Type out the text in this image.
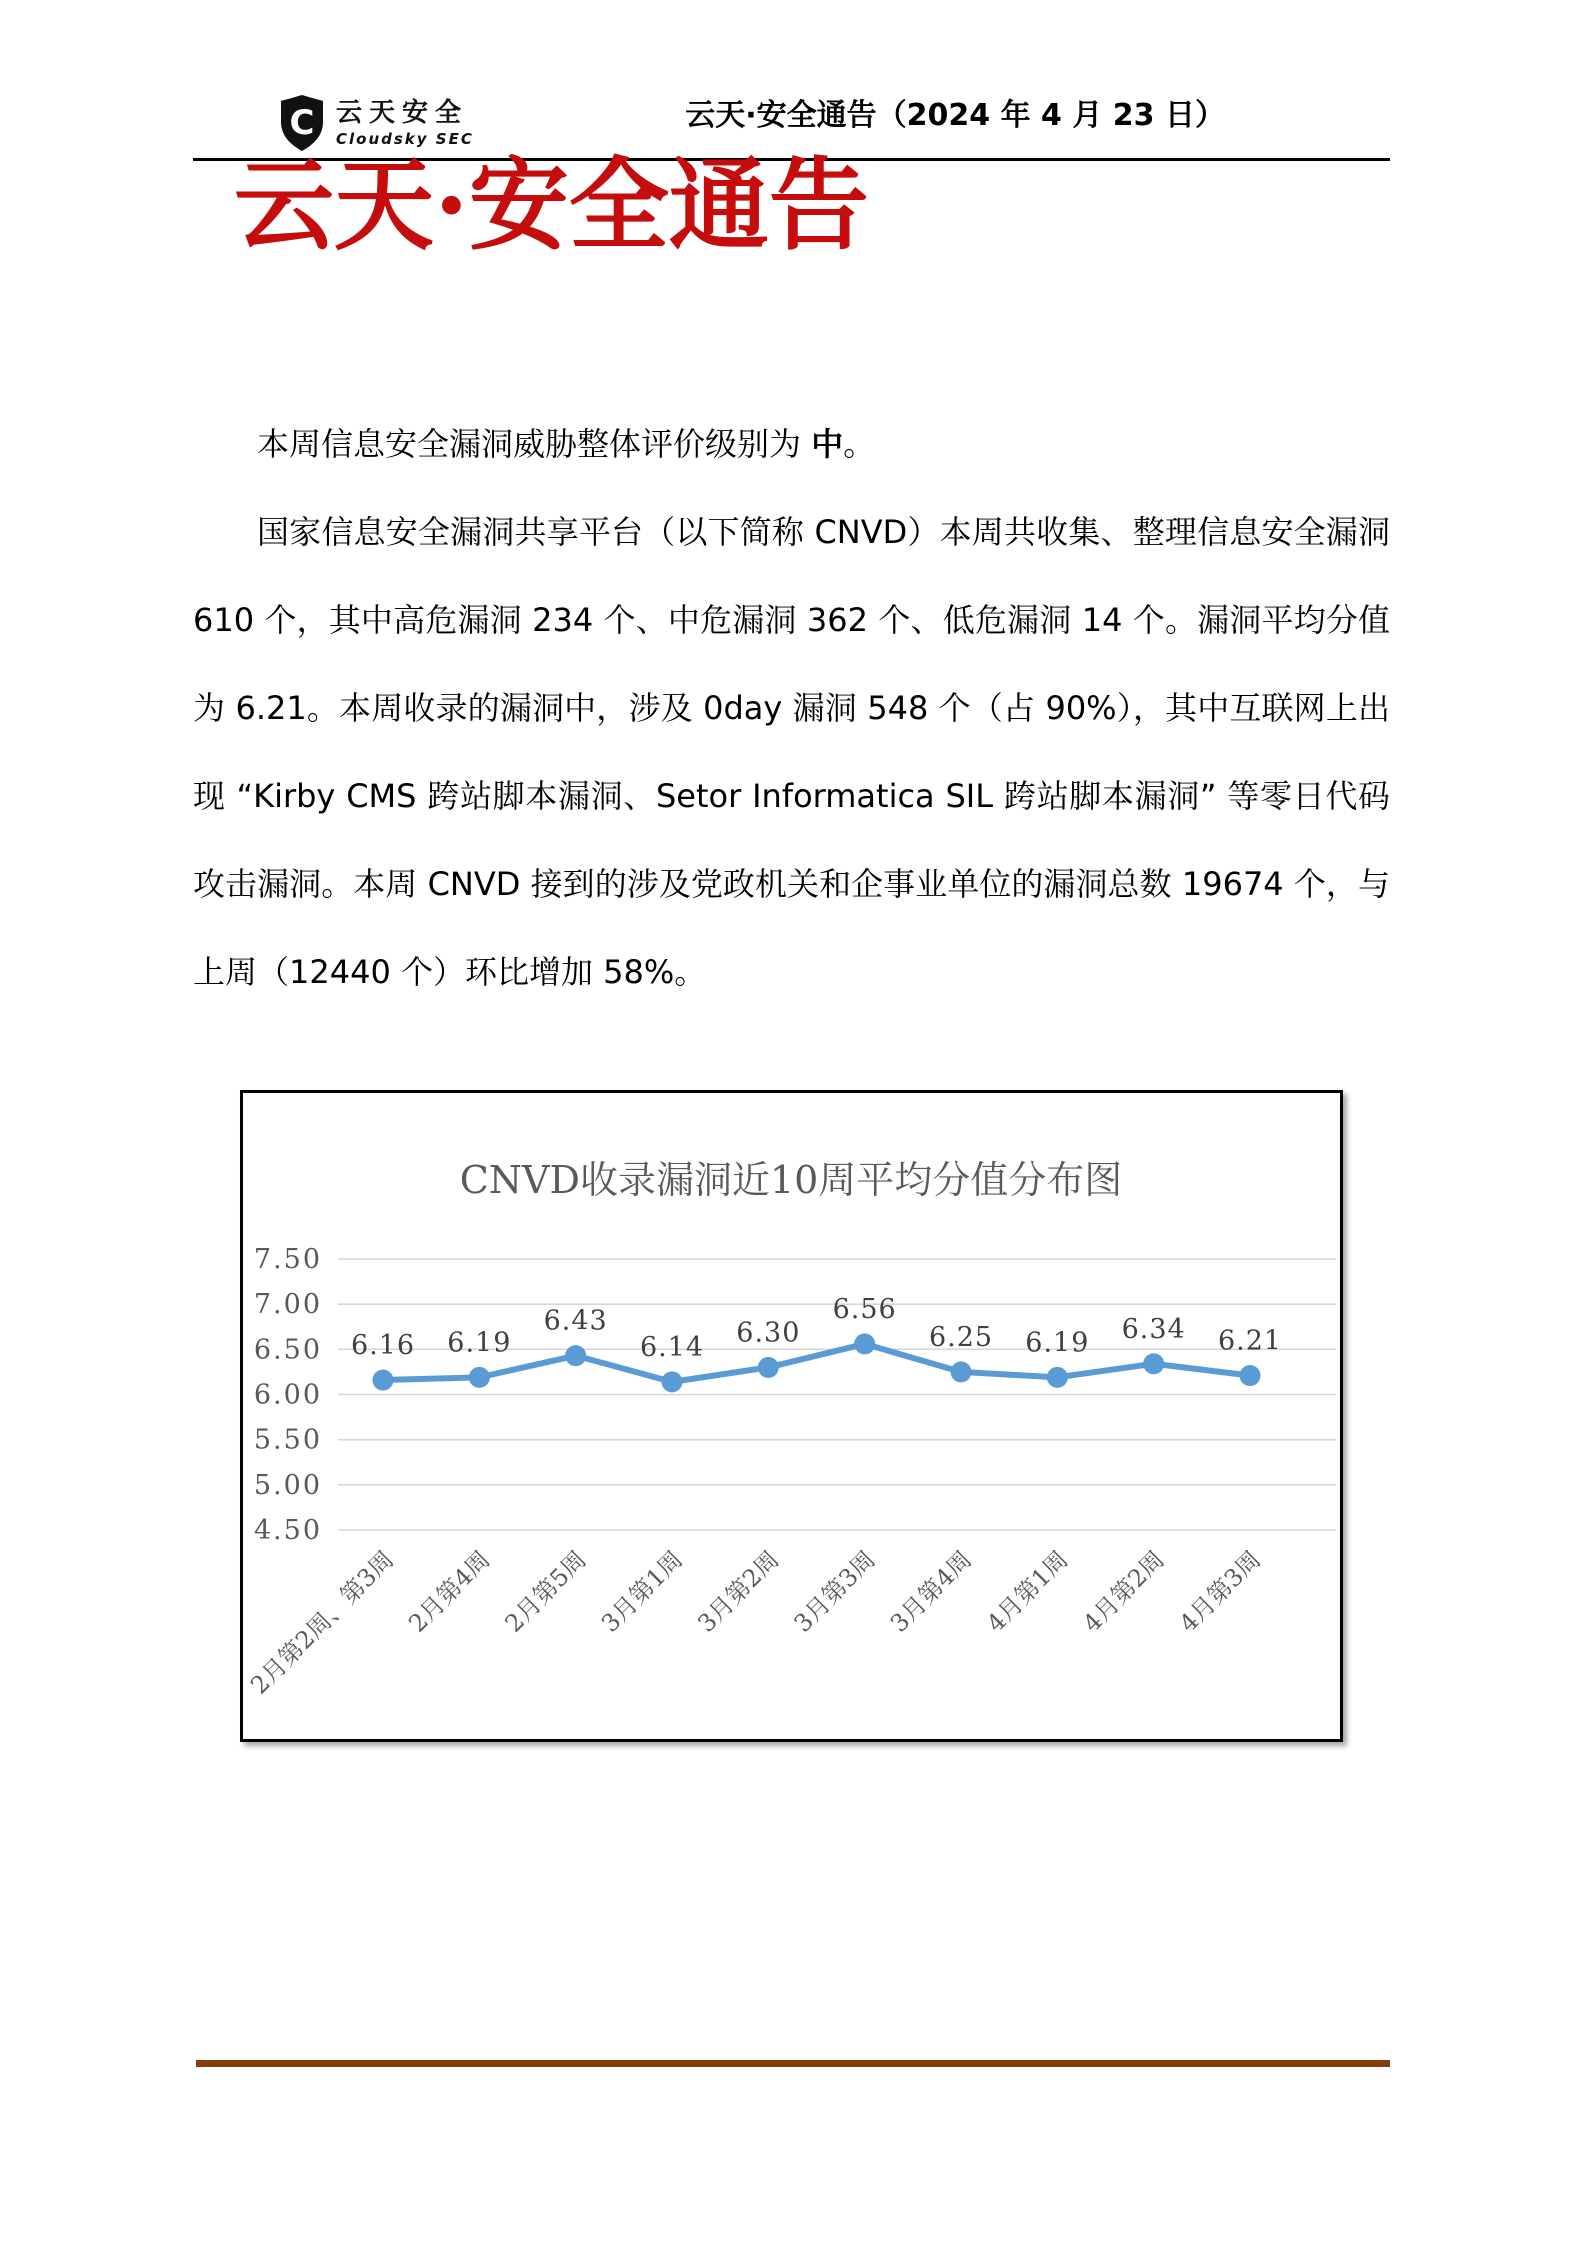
C 云天安全
Cloudsky SEC
云天·安全通告（2024 年 4 月 23 日）
云天·安全通告

本周信息安全漏洞威胁整体评价级别为 中。

国家信息安全漏洞共享平台（以下简称 CNVD）本周共收集、整理信息安全漏洞 610 个，其中高危漏洞 234 个、中危漏洞 362 个、低危漏洞 14 个。漏洞平均分值为 6.21。本周收录的漏洞中，涉及 0day 漏洞 548 个（占 90%），其中互联网上出现 “Kirby CMS 跨站脚本漏洞、Setor Informatica SIL 跨站脚本漏洞” 等零日代码攻击漏洞。本周 CNVD 接到的涉及党政机关和企事业单位的漏洞总数 19674 个，与上周（12440 个）环比增加 58%。

CNVD收录漏洞近10周平均分值分布图
7.50
7.00
6.50
6.00
5.50
5.00
4.50
6.16 6.19
6.43
6.14 6.30
6.56
6.25 6.19 6.34 6.21
2月第2周、第3周 2月第4周 2月第5周 3月第1周 3月第2周 3月第3周 3月第4周 4月第1周 4月第2周 4月第3周
